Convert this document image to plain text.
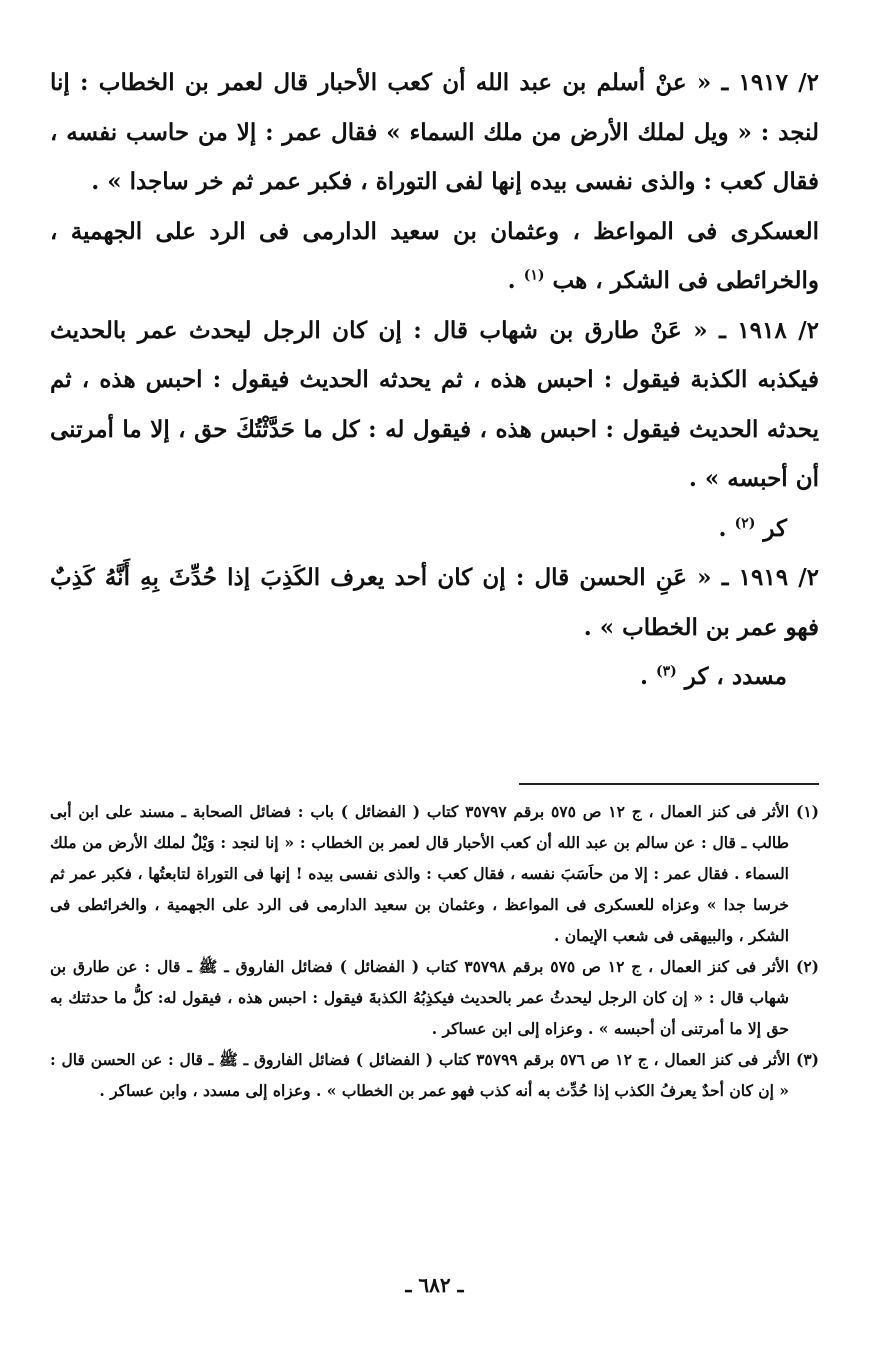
٢/ ١٩١٧ ـ « عنْ أسلم بن عبد الله أن كعب الأحبار قال لعمر بن الخطاب : إنا لنجد : « ويل لملك الأرض من ملك السماء » فقال عمر : إلا من حاسب نفسه ، فقال كعب : والذى نفسى بيده إنها لفى التوراة ، فكبر عمر ثم خر ساجدا » .

العسكرى فى المواعظ ، وعثمان بن سعيد الدارمى فى الرد على الجهمية ، والخرائطى فى الشكر ، هب $^{(١)}$ .

٢/ ١٩١٨ ـ « عَنْ طارق بن شهاب قال : إن كان الرجل ليحدث عمر بالحديث فيكذبه الكذبة فيقول : احبس هذه ، ثم يحدثه الحديث فيقول : احبس هذه ، ثم يحدثه الحديث فيقول : احبس هذه ، فيقول له : كل ما حَدَّثْتُكَ حق ، إلا ما أمرتنى أن أحبسه » .

كر $^{(٢)}$ .

٢/ ١٩١٩ ـ « عَنِ الحسن قال : إن كان أحد يعرف الكَذِبَ إذا حُدِّثَ بِهِ أَنَّهُ كَذِبٌ فهو عمر بن الخطاب » .

مسدد ، كر $^{(٣)}$ .

(١) الأثر فى كنز العمال ، ج ١٢ ص ٥٧٥ برقم ٣٥٧٩٧ كتاب ( الفضائل ) باب : فضائل الصحابة ـ مسند على ابن أبى طالب ـ قال : عن سالم بن عبد الله أن كعب الأحبار قال لعمر بن الخطاب : « إنا لنجد : وَيْلٌ لملك الأرض من ملك السماء . فقال عمر : إلا من حاَسَبَ نفسه ، فقال كعب : والذى نفسى بيده ! إنها فى التوراة لتابعتُها ، فكبر عمر ثم خرسا جدا » وعزاه للعسكرى فى المواعظ ، وعثمان بن سعيد الدارمى فى الرد على الجهمية ، والخرائطى فى الشكر ، والبيهقى فى شعب الإيمان .

(٢) الأثر فى كنز العمال ، ج ١٢ ص ٥٧٥ برقم ٣٥٧٩٨ كتاب ( الفضائل ) فضائل الفاروق ـ ﷺ ـ قال : عن طارق بن شهاب قال : « إن كان الرجل ليحدثُ عمر بالحديث فيكذِبُهُ الكذبةَ فيقول : احبس هذه ، فيقول له: كلُّ ما حدثتك به حق إلا ما أمرتنى أن أحبسه » . وعزاه إلى ابن عساكر .

(٣) الأثر فى كنز العمال ، ج ١٢ ص ٥٧٦ برقم ٣٥٧٩٩ كتاب ( الفضائل ) فضائل الفاروق ـ ﷺ ـ قال : عن الحسن قال : « إن كان أحدٌ يعرفُ الكذب إذا حُدِّث به أنه كذب فهو عمر بن الخطاب » . وعزاه إلى مسدد ، وابن عساكر .

ـ ٦٨٢ ـ
